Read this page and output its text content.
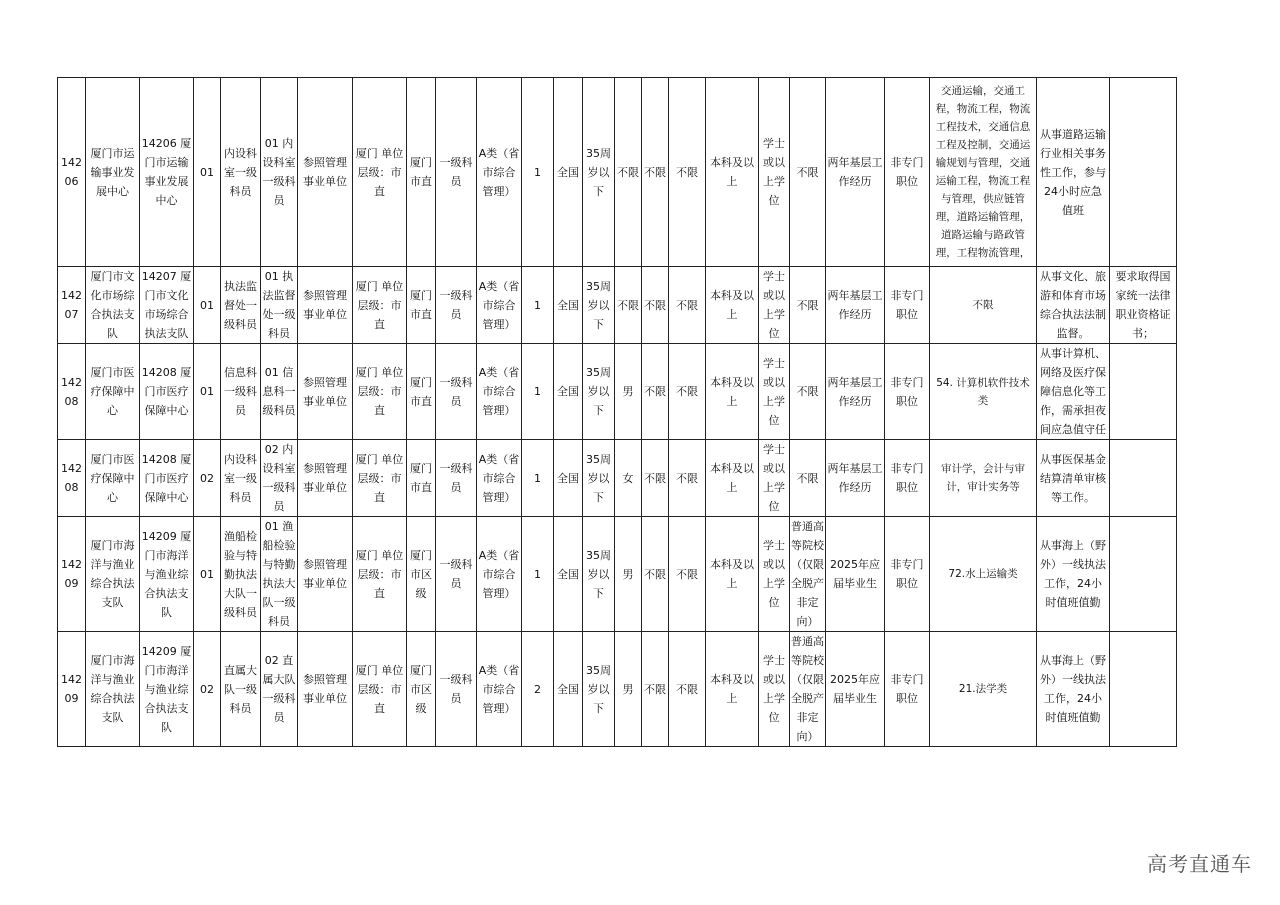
14206	厦门市运输事业发展中心	14206 厦门市运输事业发展中心	01	内设科室一级科员	01 内设科室一级科员	参照管理事业单位	厦门 单位层级：市直	厦门市直	一级科员	A类（省市综合管理）	1	全国	35周岁以下	不限	不限	不限	本科及以上	学士或以上学位	不限	两年基层工作经历	非专门职位	交通运输，交通工程，物流工程，物流工程技术，交通信息工程及控制，交通运输规划与管理，交通运输工程，物流工程与管理，供应链管理，道路运输管理，道路运输与路政管理，工程物流管理，	从事道路运输行业相关事务性工作，参与24小时应急值班	
14207	厦门市文化市场综合执法支队	14207 厦门市文化市场综合执法支队	01	执法监督处一级科员	01 执法监督处一级科员	参照管理事业单位	厦门 单位层级：市直	厦门市直	一级科员	A类（省市综合管理）	1	全国	35周岁以下	不限	不限	不限	本科及以上	学士或以上学位	不限	两年基层工作经历	非专门职位	不限	从事文化、旅游和体育市场综合执法法制监督。	要求取得国家统一法律职业资格证书；
14208	厦门市医疗保障中心	14208 厦门市医疗保障中心	01	信息科一级科员	01 信息科一级科员	参照管理事业单位	厦门 单位层级：市直	厦门市直	一级科员	A类（省市综合管理）	1	全国	35周岁以下	男	不限	不限	本科及以上	学士或以上学位	不限	两年基层工作经历	非专门职位	54. 计算机软件技术类	从事计算机、网络及医疗保障信息化等工作，需承担夜间应急值守任	
14208	厦门市医疗保障中心	14208 厦门市医疗保障中心	02	内设科室一级科员	02 内设科室一级科员	参照管理事业单位	厦门 单位层级：市直	厦门市直	一级科员	A类（省市综合管理）	1	全国	35周岁以下	女	不限	不限	本科及以上	学士或以上学位	不限	两年基层工作经历	非专门职位	审计学，会计与审计，审计实务等	从事医保基金结算清单审核等工作。	
14209	厦门市海洋与渔业综合执法支队	14209 厦门市海洋与渔业综合执法支队	01	渔船检验与特勤执法大队一级科员	01 渔船检验与特勤执法大队一级科员	参照管理事业单位	厦门 单位层级：市直	厦门市区级	一级科员	A类（省市综合管理）	1	全国	35周岁以下	男	不限	不限	本科及以上	学士或以上学位	普通高等院校（仅限全脱产非定向）	2025年应届毕业生	非专门职位	72.水上运输类	从事海上（野外）一线执法工作，24小时值班值勤	
14209	厦门市海洋与渔业综合执法支队	14209 厦门市海洋与渔业综合执法支队	02	直属大队一级科员	02 直属大队一级科员	参照管理事业单位	厦门 单位层级：市直	厦门市区级	一级科员	A类（省市综合管理）	2	全国	35周岁以下	男	不限	不限	本科及以上	学士或以上学位	普通高等院校（仅限全脱产非定向）	2025年应届毕业生	非专门职位	21.法学类	从事海上（野外）一线执法工作，24小时值班值勤	
高考直通车
